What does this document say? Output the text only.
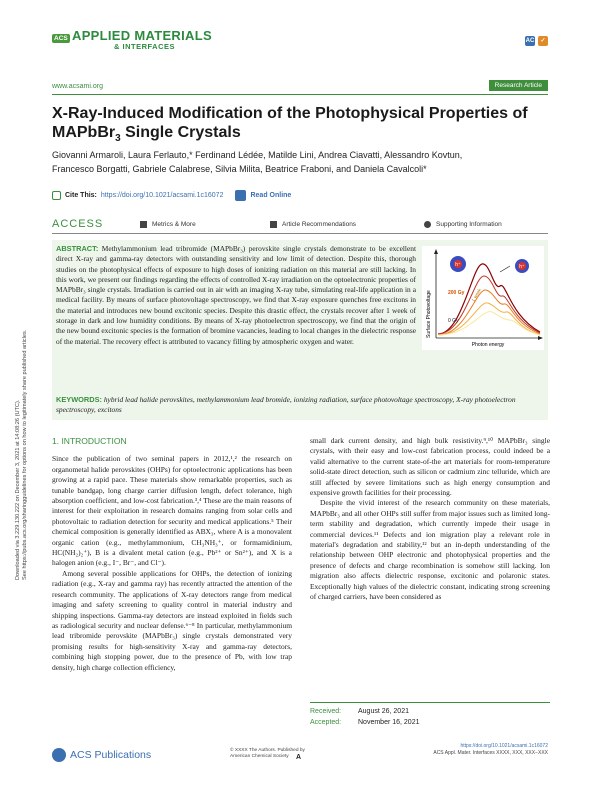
Downloaded via 3.229.130.222 on December 3, 2021 at 14:08:26 (UTC). See https://pubs.acs.org/sharingguidelines for options on how to legitimately share published articles.
ACS APPLIED MATERIALS
& INTERFACES
AC	✓
www.acsami.org	Research Article
X‑Ray-Induced Modification of the Photophysical Properties of
MAPbBr$_3$ Single Crystals
Giovanni Armaroli, Laura Ferlauto,* Ferdinand Lédée, Matilde Lini, Andrea Ciavatti, Alessandro Kovtun,
Francesco Borgatti, Gabriele Calabrese, Silvia Milita, Beatrice Fraboni, and Daniela Cavalcoli*
Cite This: https://doi.org/10.1021/acsami.1c16072	Read Online
ACCESS	Metrics & More	Article Recommendations	Supporting Information
ABSTRACT: Methylammonium lead tribromide (MAPbBr₃) perovskite single crystals demonstrate to be excellent direct X-ray and gamma-ray detectors with outstanding sensitivity and low limit of detection. Despite this, thorough studies on the photophysical effects of exposure to high doses of ionizing radiation on this material are still lacking. In this work, we present our findings regarding the effects of controlled X-ray irradiation on the optoelectronic properties of MAPbBr₃ single crystals. Irradiation is carried out in air with an imaging X-ray tube, simulating real-life application in a medical facility. By means of surface photovoltage spectroscopy, we find that X-ray exposure quenches free excitons in the material and introduces new bound excitonic species. Despite this drastic effect, the crystals recover after 1 week of storage in dark and low humidity conditions. By means of X-ray photoelectron spectroscopy, we find that the origin of the new bound excitonic species is the formation of bromine vacancies, leading to local changes in the dielectric response of the material. The recovery effect is attributed to vacancy filling by atmospheric oxygen and water.
Surface Photovoltage
Photon energy
0 Gy
200 Gy 1 week
h⁺	h⁺
KEYWORDS: hybrid lead halide perovskites, methylammonium lead bromide, ionizing radiation, surface photovoltage spectroscopy, X-ray photoelectron spectroscopy, excitons
1. INTRODUCTION

Since the publication of two seminal papers in 2012,¹,² the research on organometal halide perovskites (OHPs) for optoelectronic applications has been growing at a rapid pace. These materials show remarkable properties, such as tunable bandgap, long charge carrier diffusion length, defect tolerance, high absorption coefficient, and low-cost fabrication.³,⁴ These are the main reasons of interest for their exploitation in research domains ranging from solar cells and photovoltaic to radiation detection for security and medical applications.⁵ Their chemical composition is generally identified as ABX₃, where A is a monovalent organic cation (e.g., methylammonium, CH₃NH₃⁺, or formamidinium, HC(NH₂)₂⁺), B is a divalent metal cation (e.g., Pb²⁺ or Sn²⁺), and X is a halogen anion (e.g., I⁻, Br⁻, and Cl⁻).

Among several possible applications for OHPs, the detection of ionizing radiation (e.g., X-ray and gamma ray) has recently attracted the attention of the research community. The applications of X-ray detectors range from medical imaging and safety screening to quality control in material industry and shipping inspections. Gamma-ray detectors are instead exploited in fields such as radiological security and nuclear defense.⁶⁻⁸ In particular, methylammonium lead tribromide perovskite (MAPbBr₃) single crystals demonstrated very promising results for high-sensitivity X-ray and gamma-ray detectors, combining high stopping power, due to the presence of Pb, with low trap density, high charge collection efficiency,

small dark current density, and high bulk resistivity.⁹,¹⁰ MAPbBr₃ single crystals, with their easy and low-cost fabrication process, could indeed be a valid alternative to the current state-of-the art materials for room-temperature solid-state direct detection, such as silicon or cadmium zinc telluride, which are still affected by severe limitations such as high energy consumption and expensive growth facilities for their processing.

Despite the vivid interest of the research community on these materials, MAPbBr₃ and all other OHPs still suffer from major issues such as limited long-term stability and degradation, which currently impede their usage in commercial devices.¹¹ Defects and ion migration play a relevant role in material's degradation and stability,¹² but an in-depth understanding of the relationship between OHP electronic and photophysical properties and the presence of defects and charge recombination is somehow still lacking. Ion migration also affects dielectric response, excitonic and polaronic states. Exceptionally high values of the dielectric constant, indicating strong screening of charged carriers, have been considered as

Received: August 26, 2021
Accepted: November 16, 2021
ACS Publications	© XXXX The Authors. Published by American Chemical Society	A
https://doi.org/10.1021/acsami.1c16072
ACS Appl. Mater. Interfaces XXXX, XXX, XXX−XXX
